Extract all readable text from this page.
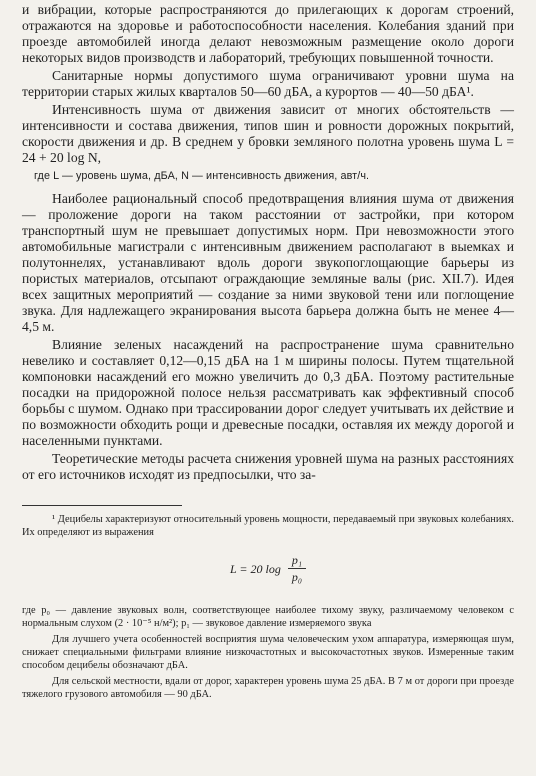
и вибрации, которые распространяются до прилегающих к дорогам строений, отражаются на здоровье и работоспособности населения. Колебания зданий при проезде автомобилей иногда делают невозможным размещение около дороги некоторых видов производств и лабораторий, требующих повышенной точности.

Санитарные нормы допустимого шума ограничивают уровни шума на территории старых жилых кварталов 50—60 дБА, а курортов — 40—50 дБА¹.

Интенсивность шума от движения зависит от многих обстоятельств — интенсивности и состава движения, типов шин и ровности дорожных покрытий, скорости движения и др. В среднем у бровки земляного полотна уровень шума L = 24 + 20 log N,

где L — уровень шума, дБА, N — интенсивность движения, авт/ч.

Наиболее рациональный способ предотвращения влияния шума от движения — проложение дороги на таком расстоянии от застройки, при котором транспортный шум не превышает допустимых норм. При невозможности этого автомобильные магистрали с интенсивным движением располагают в выемках и полутоннелях, устанавливают вдоль дороги звукопоглощающие барьеры из пористых материалов, отсыпают ограждающие земляные валы (рис. XII.7). Идея всех защитных мероприятий — создание за ними звуковой тени или поглощение звука. Для надлежащего экранирования высота барьера должна быть не менее 4—4,5 м.

Влияние зеленых насаждений на распространение шума сравнительно невелико и составляет 0,12—0,15 дБА на 1 м ширины полосы. Путем тщательной компоновки насаждений его можно увеличить до 0,3 дБА. Поэтому растительные посадки на придорожной полосе нельзя рассматривать как эффективный способ борьбы с шумом. Однако при трассировании дорог следует учитывать их действие и по возможности обходить рощи и древесные посадки, оставляя их между дорогой и населенными пунктами.

Теоретические методы расчета снижения уровней шума на разных расстояниях от его источников исходят из предпосылки, что за-

¹ Децибелы характеризуют относительный уровень мощности, передаваемый при звуковых колебаниях. Их определяют из выражения

L = 20 $\log \frac{\text{p₁}}{\text{p₀}}$

где p₀ — давление звуковых волн, соответствующее наиболее тихому звуку, различаемому человеком с нормальным слухом (2 · 10⁻⁵ н/м²); p₁ — звуковое давление измеряемого звука

Для лучшего учета особенностей восприятия шума человеческим ухом аппаратура, измеряющая шум, снижает специальными фильтрами влияние низкочастотных и высокочастотных звуков. Измеренные таким способом децибелы обозначают дБА.

Для сельской местности, вдали от дорог, характерен уровень шума 25 дБА. В 7 м от дороги при проезде тяжелого грузового автомобиля — 90 дБА.
